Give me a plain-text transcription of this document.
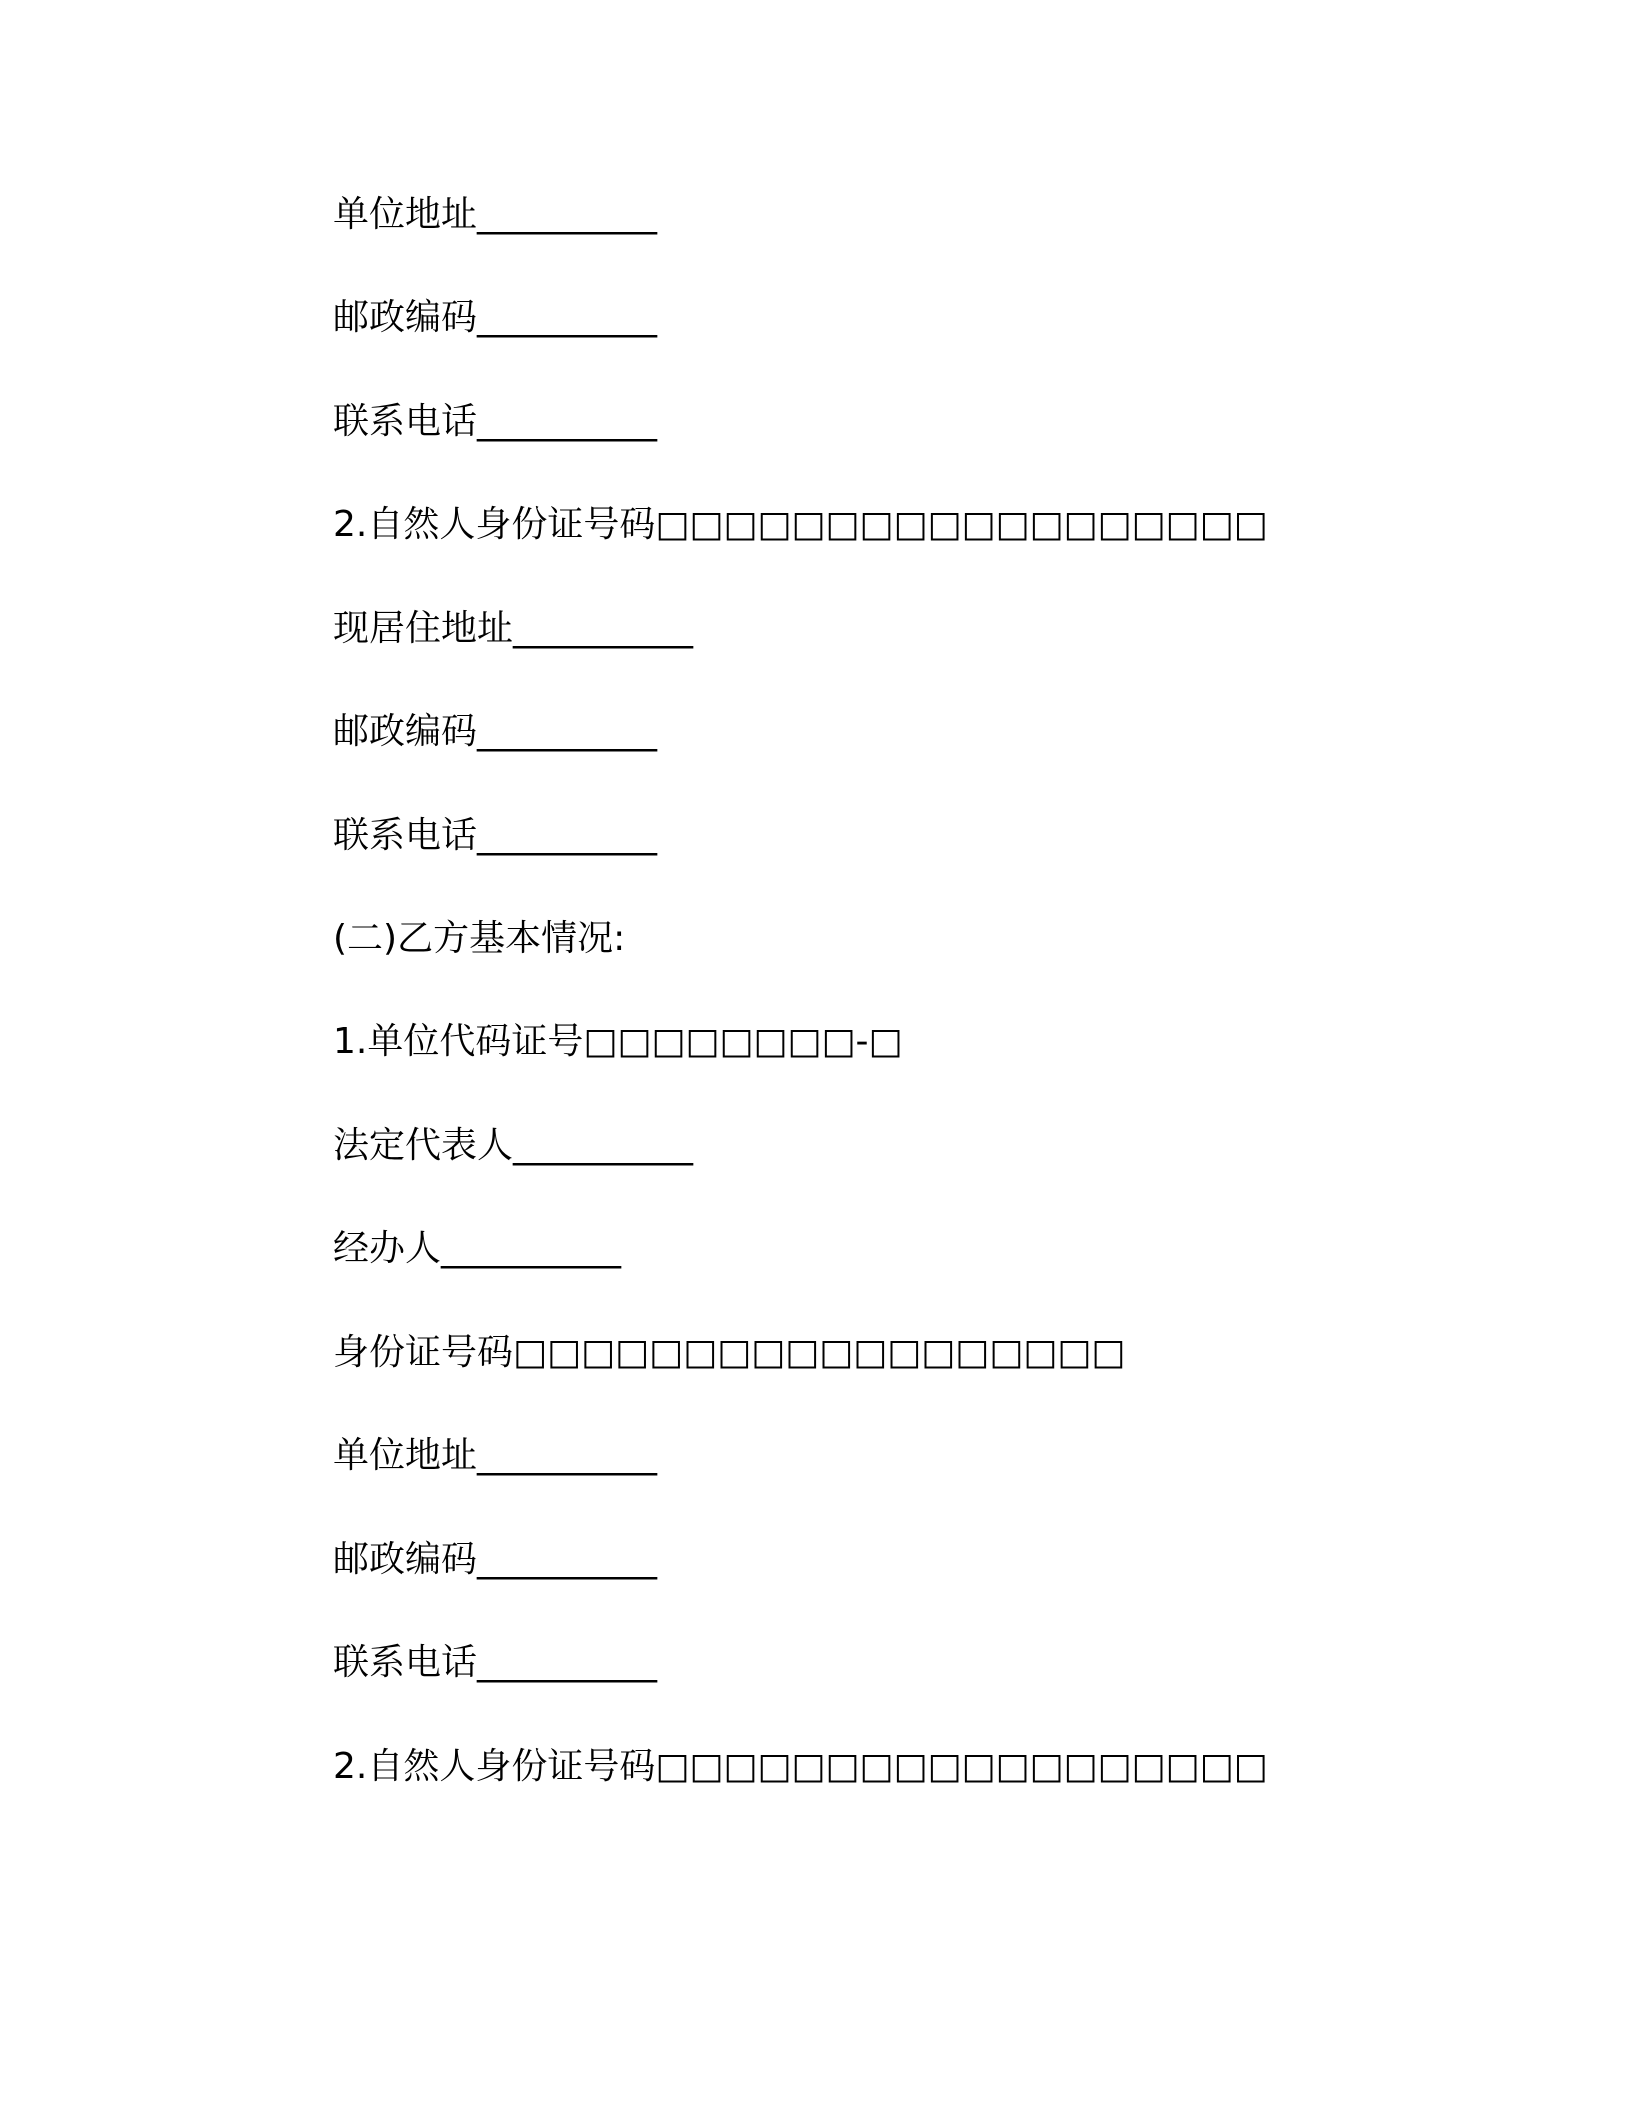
单位地址__________

邮政编码__________

联系电话__________

2.自然人身份证号码□□□□□□□□□□□□□□□□□□

现居住地址__________

邮政编码__________

联系电话__________

(二)乙方基本情况:

1.单位代码证号□□□□□□□□-□

法定代表人__________

经办人__________

身份证号码□□□□□□□□□□□□□□□□□□

单位地址__________

邮政编码__________

联系电话__________

2.自然人身份证号码□□□□□□□□□□□□□□□□□□
